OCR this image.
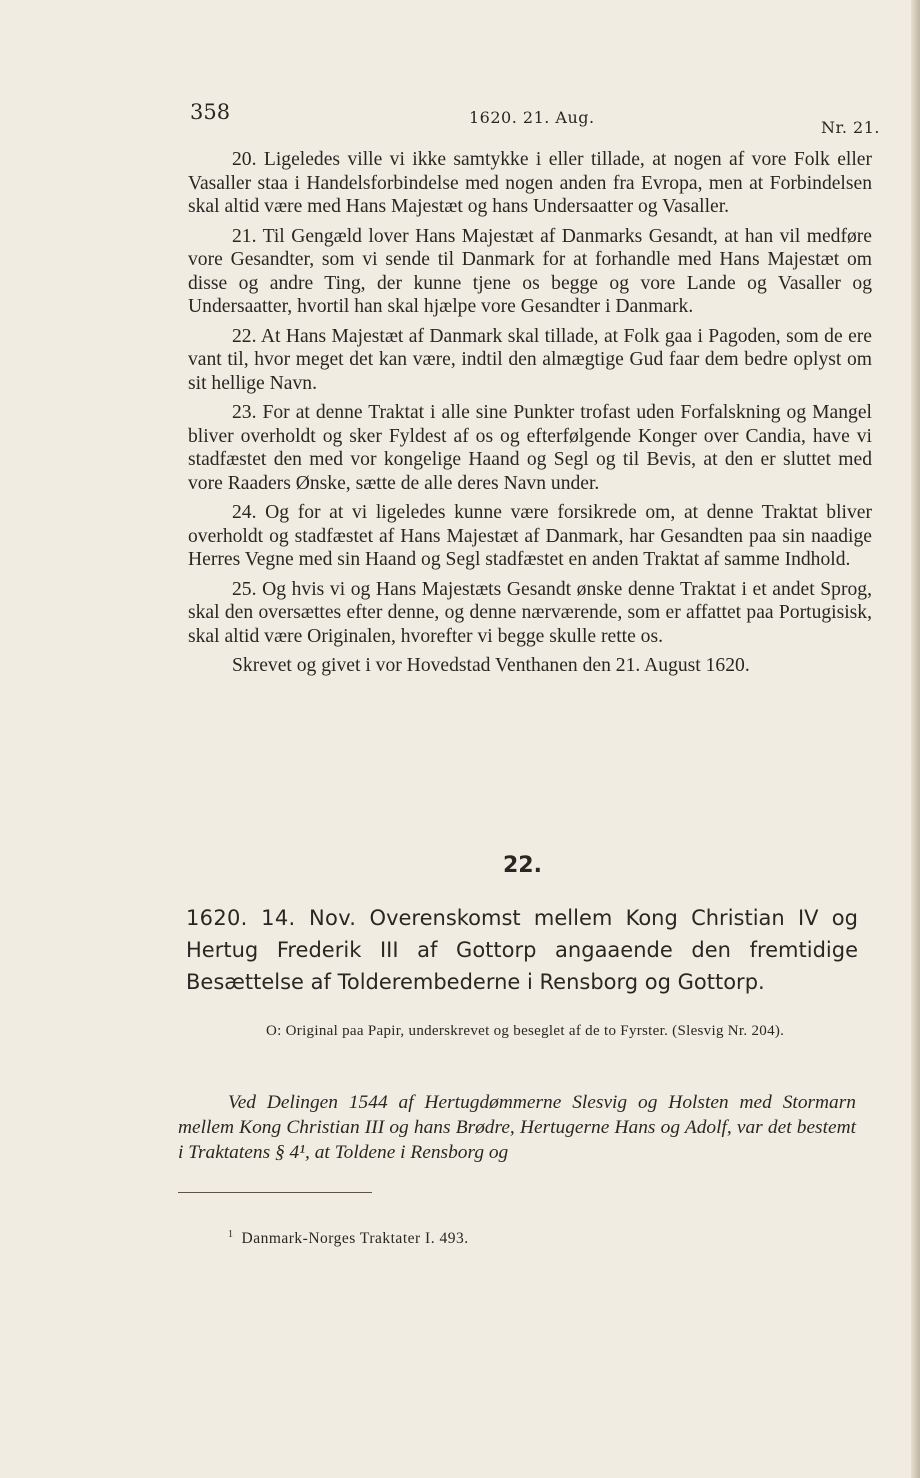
358	1620. 21. Aug.
Nr. 21.

20. Ligeledes ville vi ikke samtykke i eller tillade, at nogen af vore Folk eller Vasaller staa i Handelsforbindelse med nogen anden fra Evropa, men at Forbindelsen skal altid være med Hans Majestæt og hans Undersaatter og Vasaller.

21. Til Gengæld lover Hans Majestæt af Danmarks Gesandt, at han vil medføre vore Gesandter, som vi sende til Danmark for at forhandle med Hans Majestæt om disse og andre Ting, der kunne tjene os begge og vore Lande og Vasaller og Undersaatter, hvortil han skal hjælpe vore Gesandter i Danmark.

22. At Hans Majestæt af Danmark skal tillade, at Folk gaa i Pagoden, som de ere vant til, hvor meget det kan være, indtil den almægtige Gud faar dem bedre oplyst om sit hellige Navn.

23. For at denne Traktat i alle sine Punkter trofast uden Forfalskning og Mangel bliver overholdt og sker Fyldest af os og efterfølgende Konger over Candia, have vi stadfæstet den med vor kongelige Haand og Segl og til Bevis, at den er sluttet med vore Raaders Ønske, sætte de alle deres Navn under.

24. Og for at vi ligeledes kunne være forsikrede om, at denne Traktat bliver overholdt og stadfæstet af Hans Majestæt af Danmark, har Gesandten paa sin naadige Herres Vegne med sin Haand og Segl stadfæstet en anden Traktat af samme Indhold.

25. Og hvis vi og Hans Majestæts Gesandt ønske denne Traktat i et andet Sprog, skal den oversættes efter denne, og denne nærværende, som er affattet paa Portugisisk, skal altid være Originalen, hvorefter vi begge skulle rette os.

Skrevet og givet i vor Hovedstad Venthanen den 21. August 1620.

22.
1620. 14. Nov. Overenskomst mellem Kong Christian IV og Hertug Frederik III af Gottorp angaaende den fremtidige Besættelse af Tolderembederne i Rensborg og Gottorp.
O: Original paa Papir, underskrevet og beseglet af de to Fyrster. (Slesvig Nr. 204).
Ved Delingen 1544 af Hertugdømmerne Slesvig og Holsten med Stormarn mellem Kong Christian III og hans Brødre, Hertugerne Hans og Adolf, var det bestemt i Traktatens § 4¹, at Toldene i Rensborg og
$^1$ Danmark-Norges Traktater I. 493.
